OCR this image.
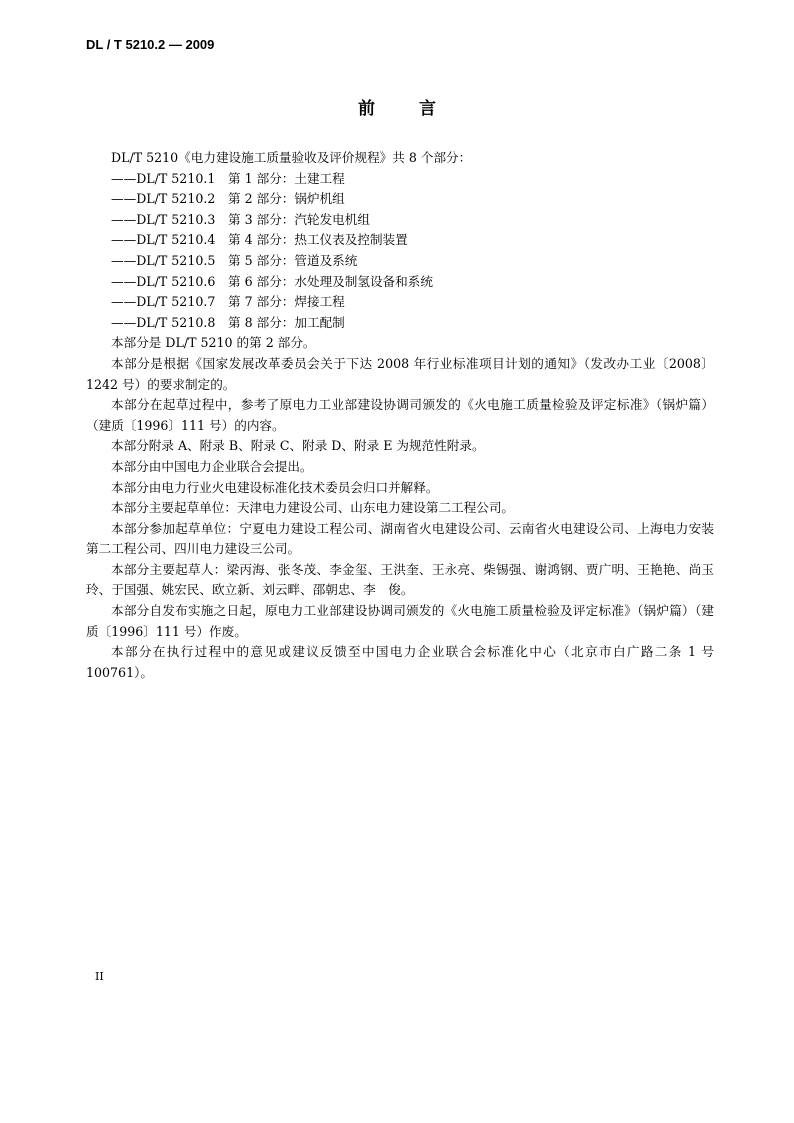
DL / T 5210.2 — 2009
前言

DL/T 5210《电力建设施工质量验收及评价规程》共 8 个部分：

——DL/T 5210.1 第 1 部分：土建工程
——DL/T 5210.2 第 2 部分：锅炉机组
——DL/T 5210.3 第 3 部分：汽轮发电机组
——DL/T 5210.4 第 4 部分：热工仪表及控制装置
——DL/T 5210.5 第 5 部分：管道及系统
——DL/T 5210.6 第 6 部分：水处理及制氢设备和系统
——DL/T 5210.7 第 7 部分：焊接工程
——DL/T 5210.8 第 8 部分：加工配制

本部分是 DL/T 5210 的第 2 部分。

本部分是根据《国家发展改革委员会关于下达 2008 年行业标准项目计划的通知》（发改办工业〔2008〕1242 号）的要求制定的。

本部分在起草过程中，参考了原电力工业部建设协调司颁发的《火电施工质量检验及评定标准》（锅炉篇）（建质〔1996〕111 号）的内容。

本部分附录 A、附录 B、附录 C、附录 D、附录 E 为规范性附录。

本部分由中国电力企业联合会提出。

本部分由电力行业火电建设标准化技术委员会归口并解释。

本部分主要起草单位：天津电力建设公司、山东电力建设第二工程公司。

本部分参加起草单位：宁夏电力建设工程公司、湖南省火电建设公司、云南省火电建设公司、上海电力安装第二工程公司、四川电力建设三公司。

本部分主要起草人：梁丙海、张冬茂、李金玺、王洪奎、王永亮、柴锡强、谢鸿钢、贾广明、王艳艳、尚玉玲、于国强、姚宏民、欧立新、刘云畔、邵朝忠、李　俊。

本部分自发布实施之日起，原电力工业部建设协调司颁发的《火电施工质量检验及评定标准》（锅炉篇）（建质〔1996〕111 号）作废。

本部分在执行过程中的意见或建议反馈至中国电力企业联合会标准化中心（北京市白广路二条 1 号100761）。

II
